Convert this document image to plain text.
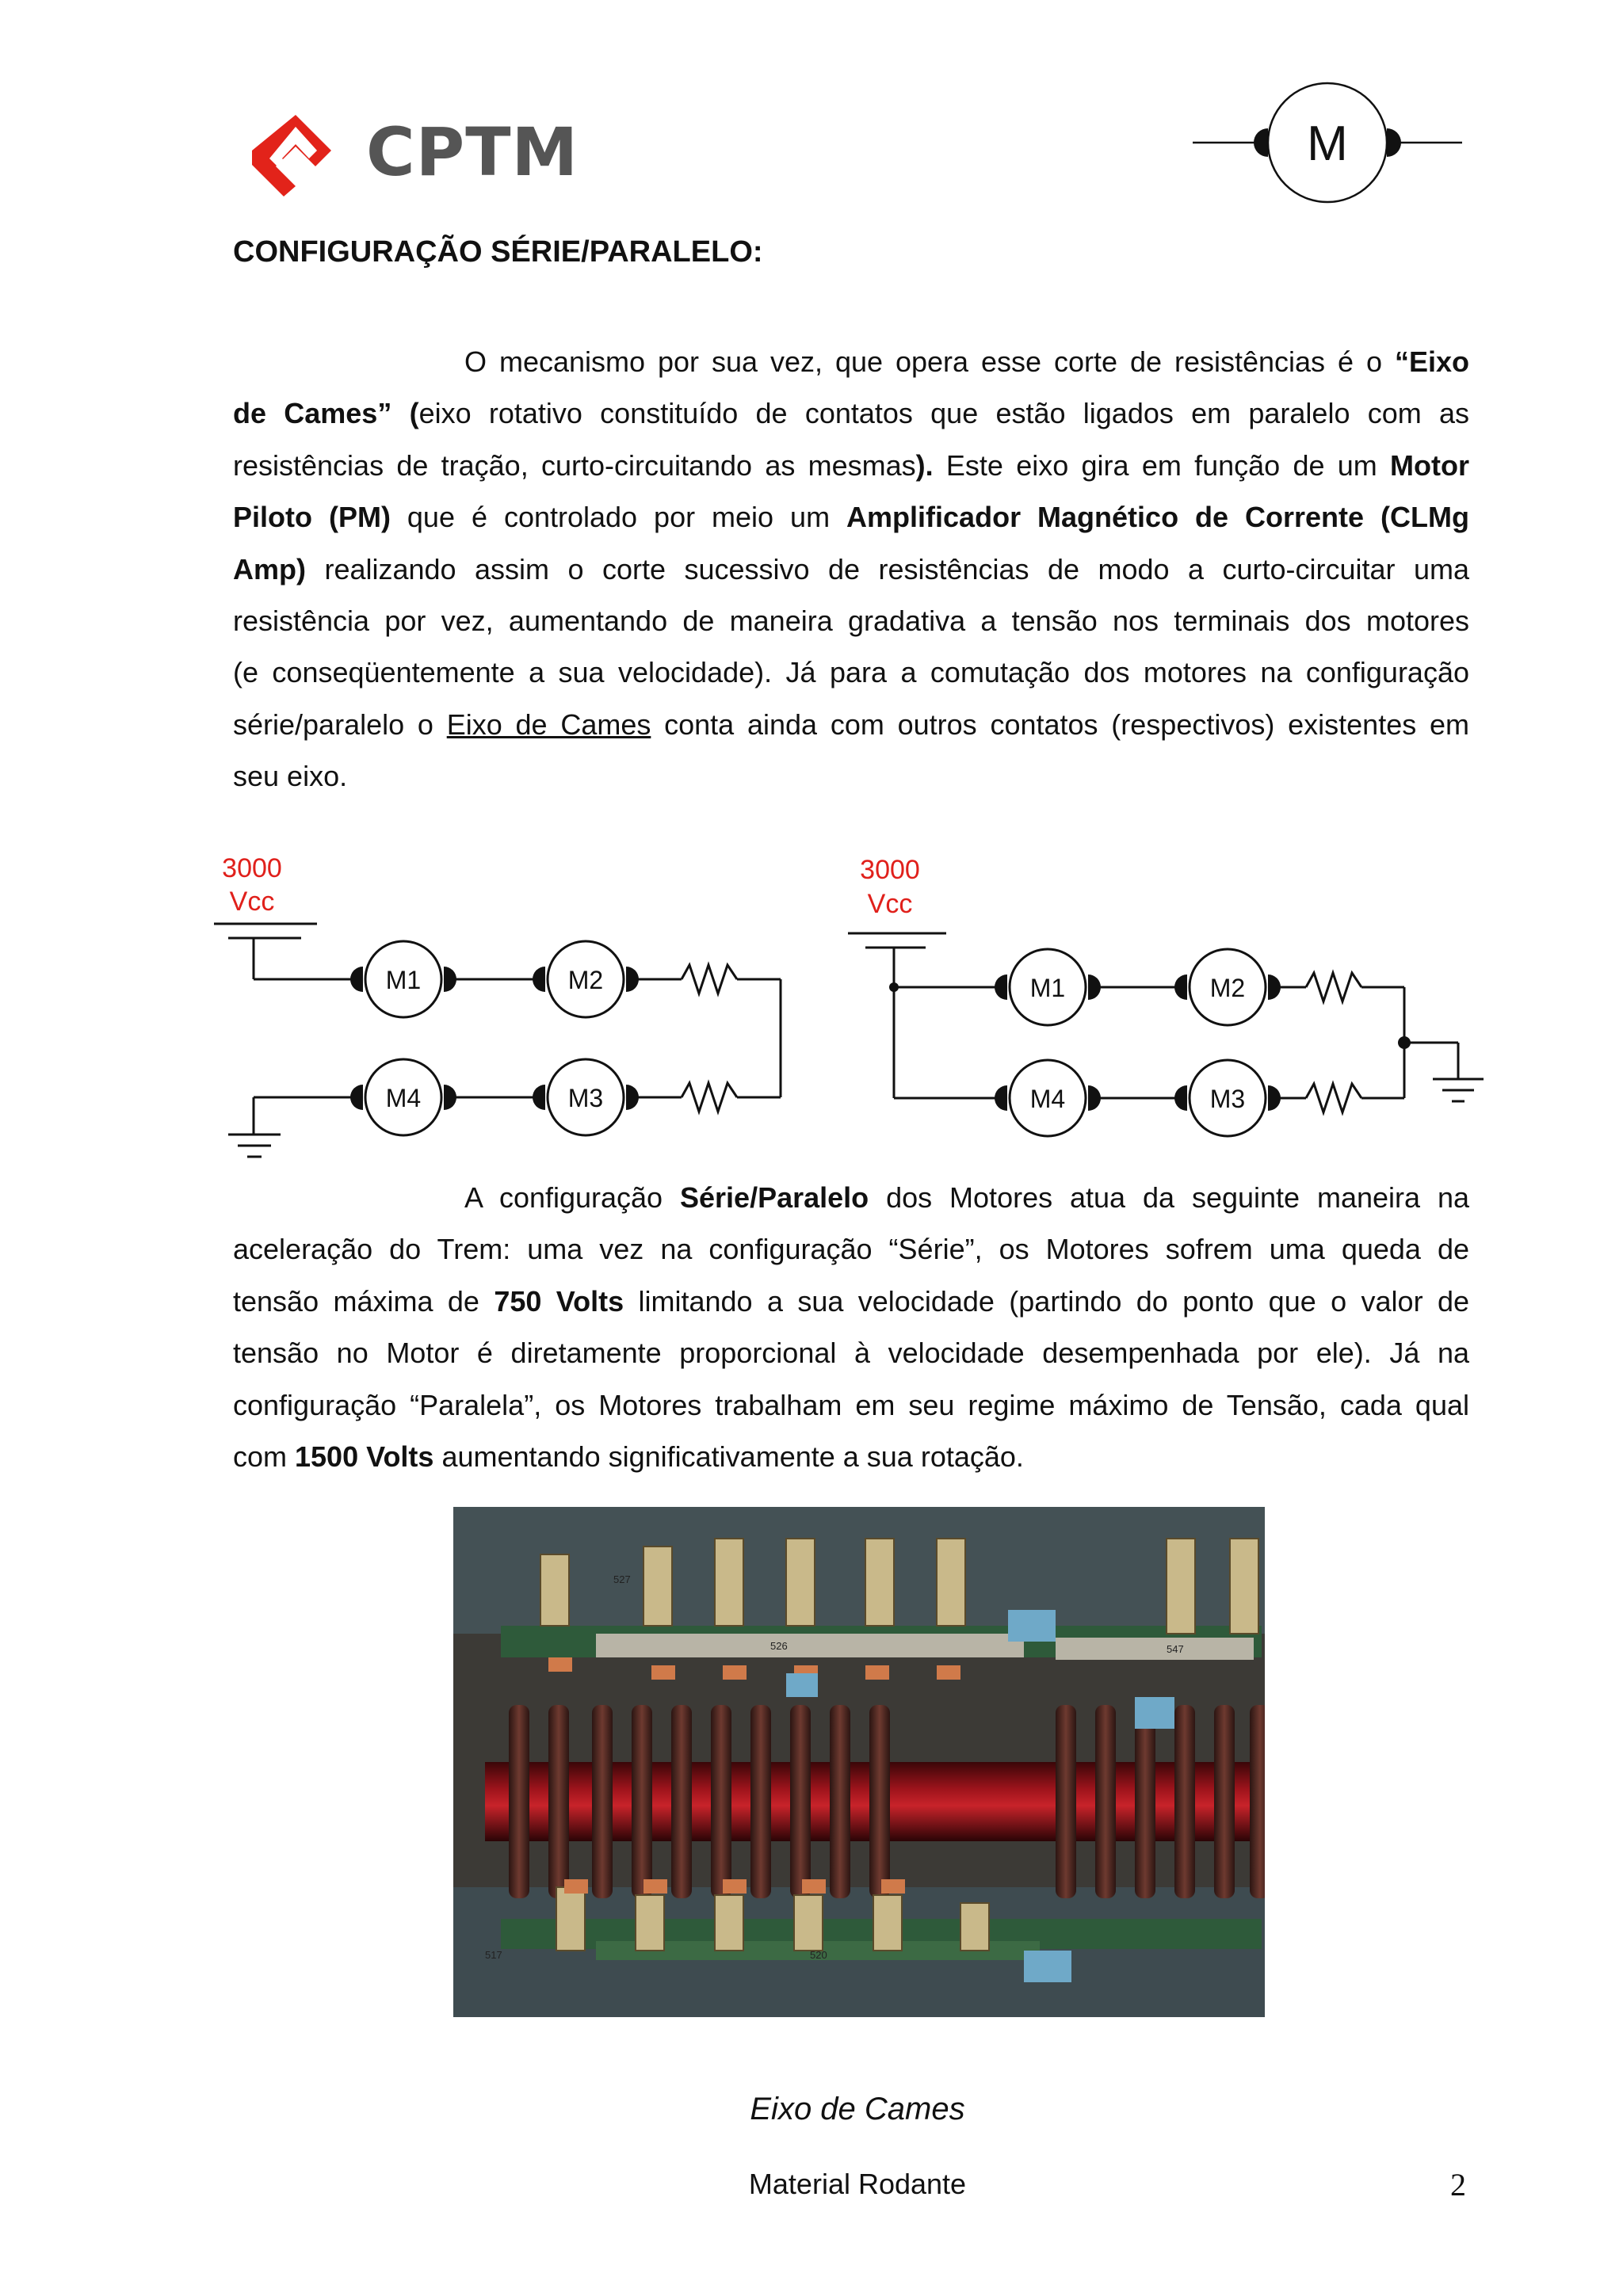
CPTM	M
CONFIGURAÇÃO SÉRIE/PARALELO:
O mecanismo por sua vez, que opera esse corte de resistências é o “Eixo
de Cames” (eixo rotativo constituído de contatos que estão ligados em paralelo com as
resistências de tração, curto-circuitando as mesmas). Este eixo gira em função de um Motor
Piloto (PM) que é controlado por meio um Amplificador Magnético de Corrente (CLMg
Amp) realizando assim o corte sucessivo de resistências de modo a curto-circuitar uma
resistência por vez, aumentando de maneira gradativa a tensão nos terminais dos motores
(e conseqüentemente a sua velocidade). Já para a comutação dos motores na configuração
série/paralelo o Eixo de Cames conta ainda com outros contatos (respectivos) existentes em
seu eixo.
3000
Vcc
M1	M2
M3
M4
3000
Vcc
M1	M2
M3
M4
A configuração Série/Paralelo dos Motores atua da seguinte maneira na
aceleração do Trem: uma vez na configuração “Série”, os Motores sofrem uma queda de
tensão máxima de 750 Volts limitando a sua velocidade (partindo do ponto que o valor de
tensão no Motor é diretamente proporcional à velocidade desempenhada por ele). Já na
configuração “Paralela”, os Motores trabalham em seu regime máximo de Tensão, cada qual
com 1500 Volts aumentando significativamente a sua rotação.
527
526	547
517	520
Eixo de Cames
Material Rodante	2
